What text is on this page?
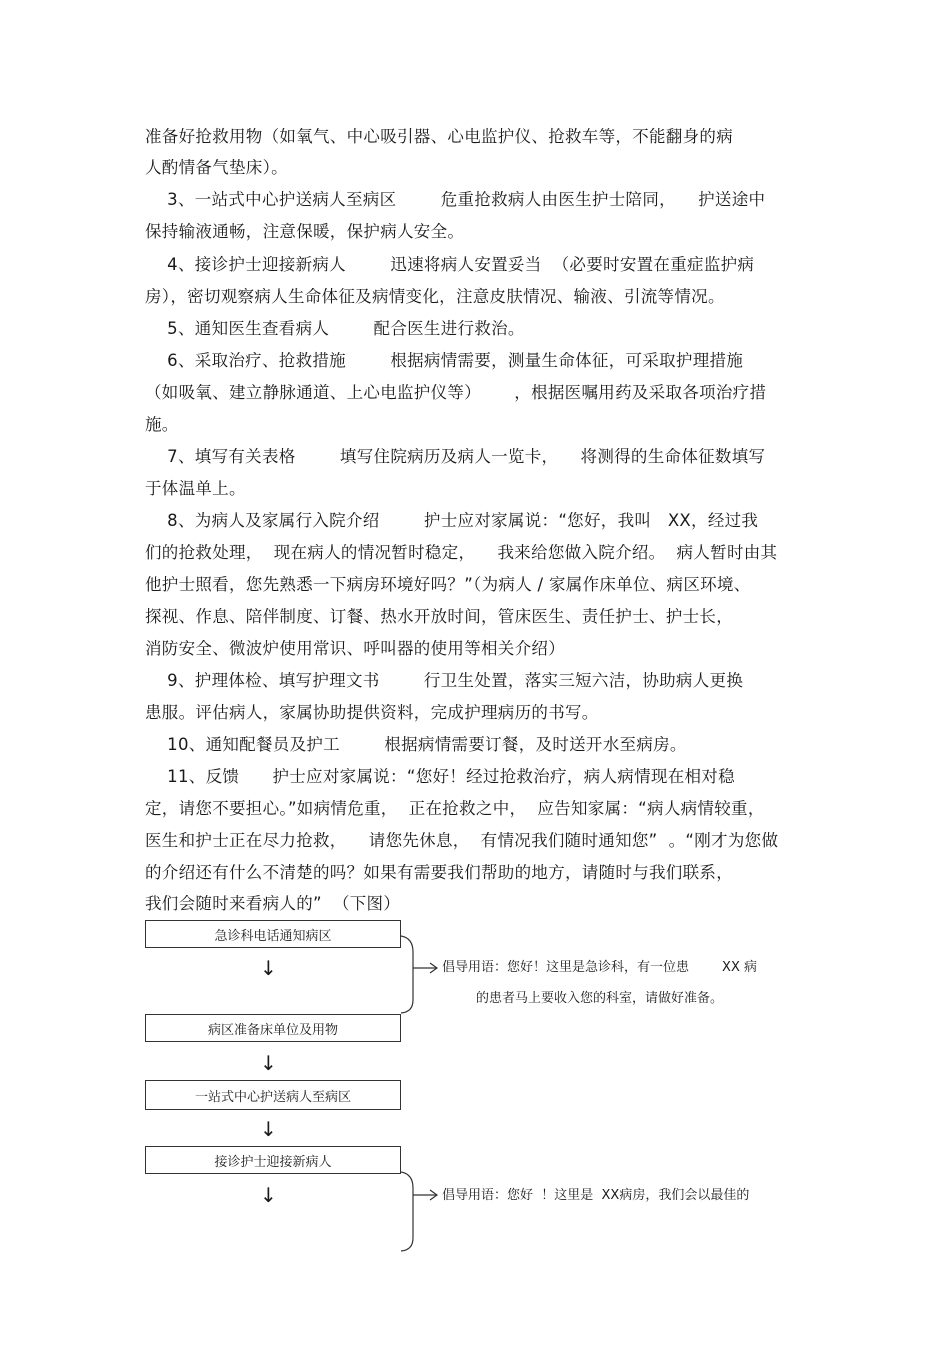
准备好抢救用物（如氧气、中心吸引器、心电监护仪、抢救车等，不能翻身的病
人酌情备气垫床）。
3、一站式中心护送病人至病区        危重抢救病人由医生护士陪同，    护送途中
保持输液通畅，注意保暖，保护病人安全。
4、接诊护士迎接新病人        迅速将病人安置妥当  （必要时安置在重症监护病
房），密切观察病人生命体征及病情变化，注意皮肤情况、输液、引流等情况。
5、通知医生查看病人        配合医生进行救治。
6、采取治疗、抢救措施        根据病情需要，测量生命体征，可采取护理措施
（如吸氧、建立静脉通道、上心电监护仪等）      ，根据医嘱用药及采取各项治疗措
施。
7、填写有关表格        填写住院病历及病人一览卡，    将测得的生命体征数填写
于体温单上。
8、为病人及家属行入院介绍        护士应对家属说：“您好，我叫   XX，经过我
们的抢救处理，  现在病人的情况暂时稳定，    我来给您做入院介绍。  病人暂时由其
他护士照看，您先熟悉一下病房环境好吗？”（为病人 / 家属作床单位、病区环境、
探视、作息、陪伴制度、订餐、热水开放时间，管床医生、责任护士、护士长，
消防安全、微波炉使用常识、呼叫器的使用等相关介绍）
9、护理体检、填写护理文书        行卫生处置，落实三短六洁，协助病人更换
患服。评估病人，家属协助提供资料，完成护理病历的书写。
10、通知配餐员及护工        根据病情需要订餐，及时送开水至病房。
11、反馈      护士应对家属说：“您好！经过抢救治疗，病人病情现在相对稳
定，请您不要担心。”如病情危重，  正在抢救之中，  应告知家属：“病人病情较重，
医生和护士正在尽力抢救，    请您先休息，  有情况我们随时通知您”  。“刚才为您做
的介绍还有什么不清楚的吗？如果有需要我们帮助的地方，请随时与我们联系，
我们会随时来看病人的”  （下图）
急诊科电话通知病区
↓
病区准备床单位及用物
↓
一站式中心护送病人至病区
↓
接诊护士迎接新病人
↓
倡导用语：您好！这里是急诊科，有一位患        XX 病
的患者马上要收入您的科室，请做好准备。
倡导用语：您好  ！这里是  XX病房，我们会以最佳的
